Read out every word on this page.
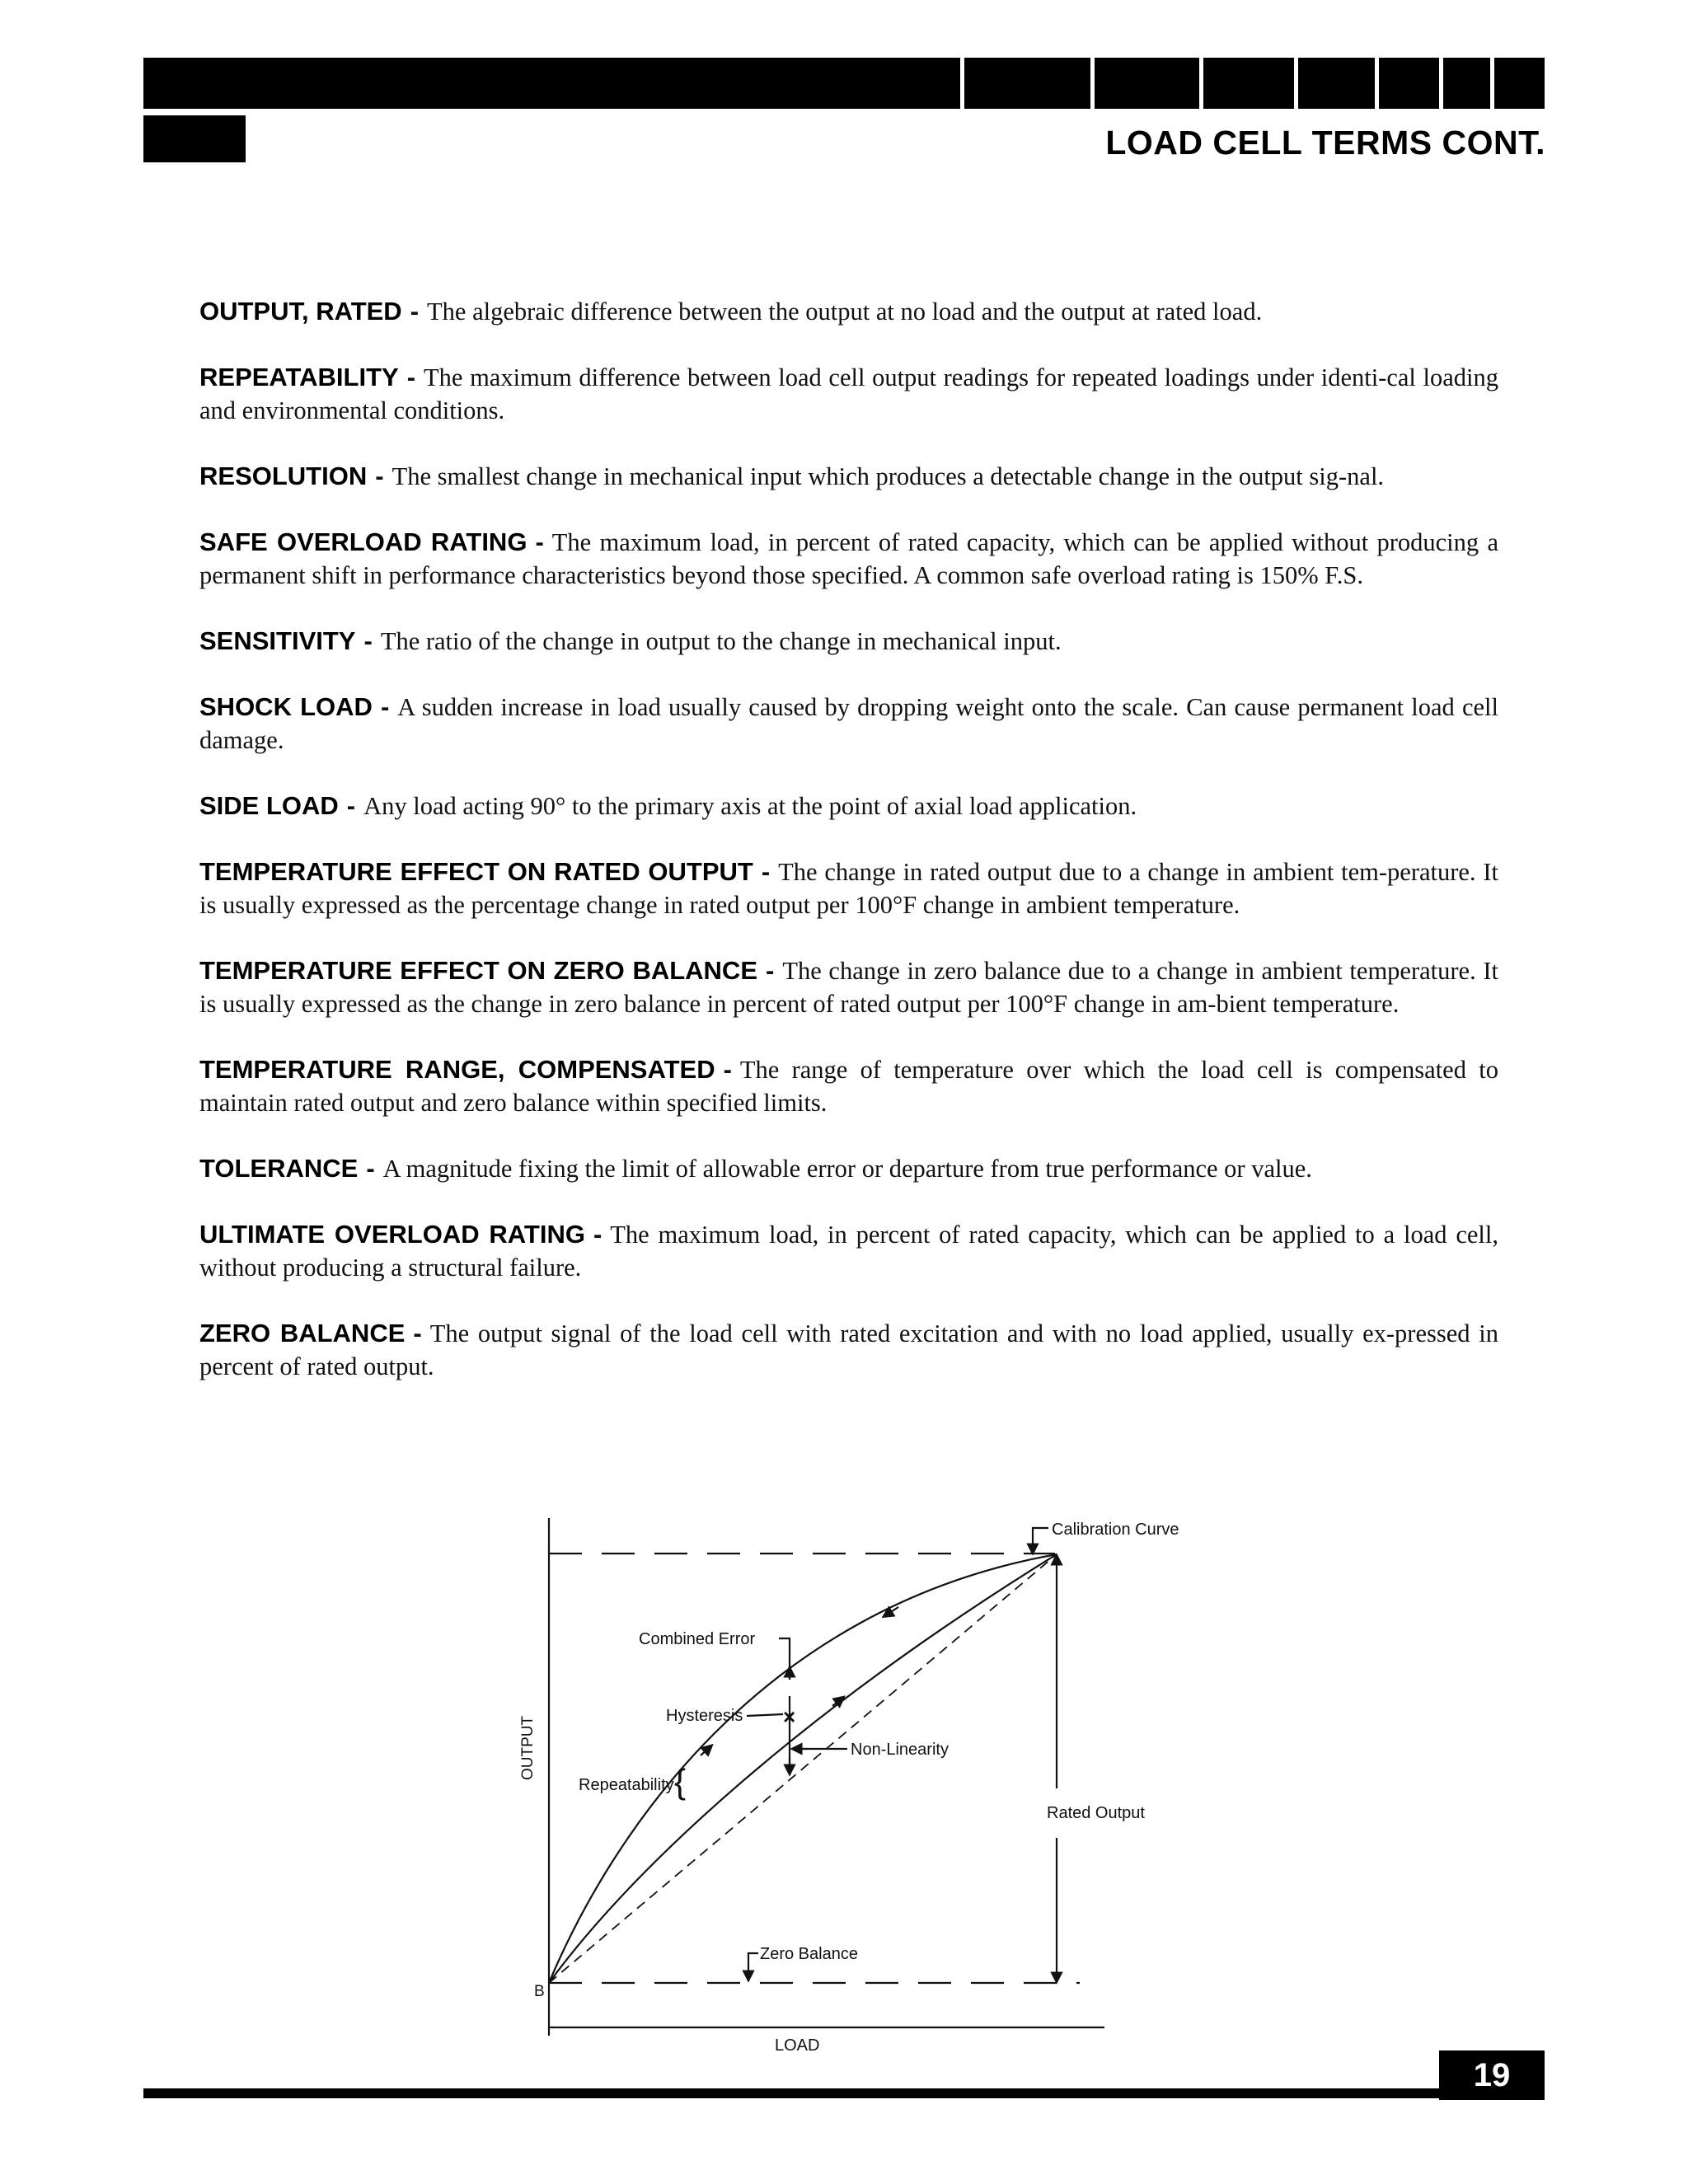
LOAD CELL TERMS CONT.

OUTPUT, RATED - The algebraic difference between the output at no load and the output at rated load.

REPEATABILITY - The maximum difference between load cell output readings for repeated loadings under identi-cal loading and environmental conditions.

RESOLUTION - The smallest change in mechanical input which produces a detectable change in the output sig-nal.

SAFE OVERLOAD RATING - The maximum load, in percent of rated capacity, which can be applied without producing a permanent shift in performance characteristics beyond those specified. A common safe overload rating is 150% F.S.

SENSITIVITY - The ratio of the change in output to the change in mechanical input.

SHOCK LOAD - A sudden increase in load usually caused by dropping weight onto the scale. Can cause permanent load cell damage.

SIDE LOAD - Any load acting 90° to the primary axis at the point of axial load application.

TEMPERATURE EFFECT ON RATED OUTPUT - The change in rated output due to a change in ambient tem-perature. It is usually expressed as the percentage change in rated output per 100°F change in ambient temperature.

TEMPERATURE EFFECT ON ZERO BALANCE - The change in zero balance due to a change in ambient temperature. It is usually expressed as the change in zero balance in percent of rated output per 100°F change in am-bient temperature.

TEMPERATURE RANGE, COMPENSATED - The range of temperature over which the load cell is compensated to maintain rated output and zero balance within specified limits.

TOLERANCE - A magnitude fixing the limit of allowable error or departure from true performance or value.

ULTIMATE OVERLOAD RATING - The maximum load, in percent of rated capacity, which can be applied to a load cell, without producing a structural failure.

ZERO BALANCE - The output signal of the load cell with rated excitation and with no load applied, usually ex-pressed in percent of rated output.

×
{
Calibration Curve
Combined Error
Hysteresis
Non-Linearity
Repeatability
Rated Output
Zero Balance
B
LOAD
OUTPUT
19
